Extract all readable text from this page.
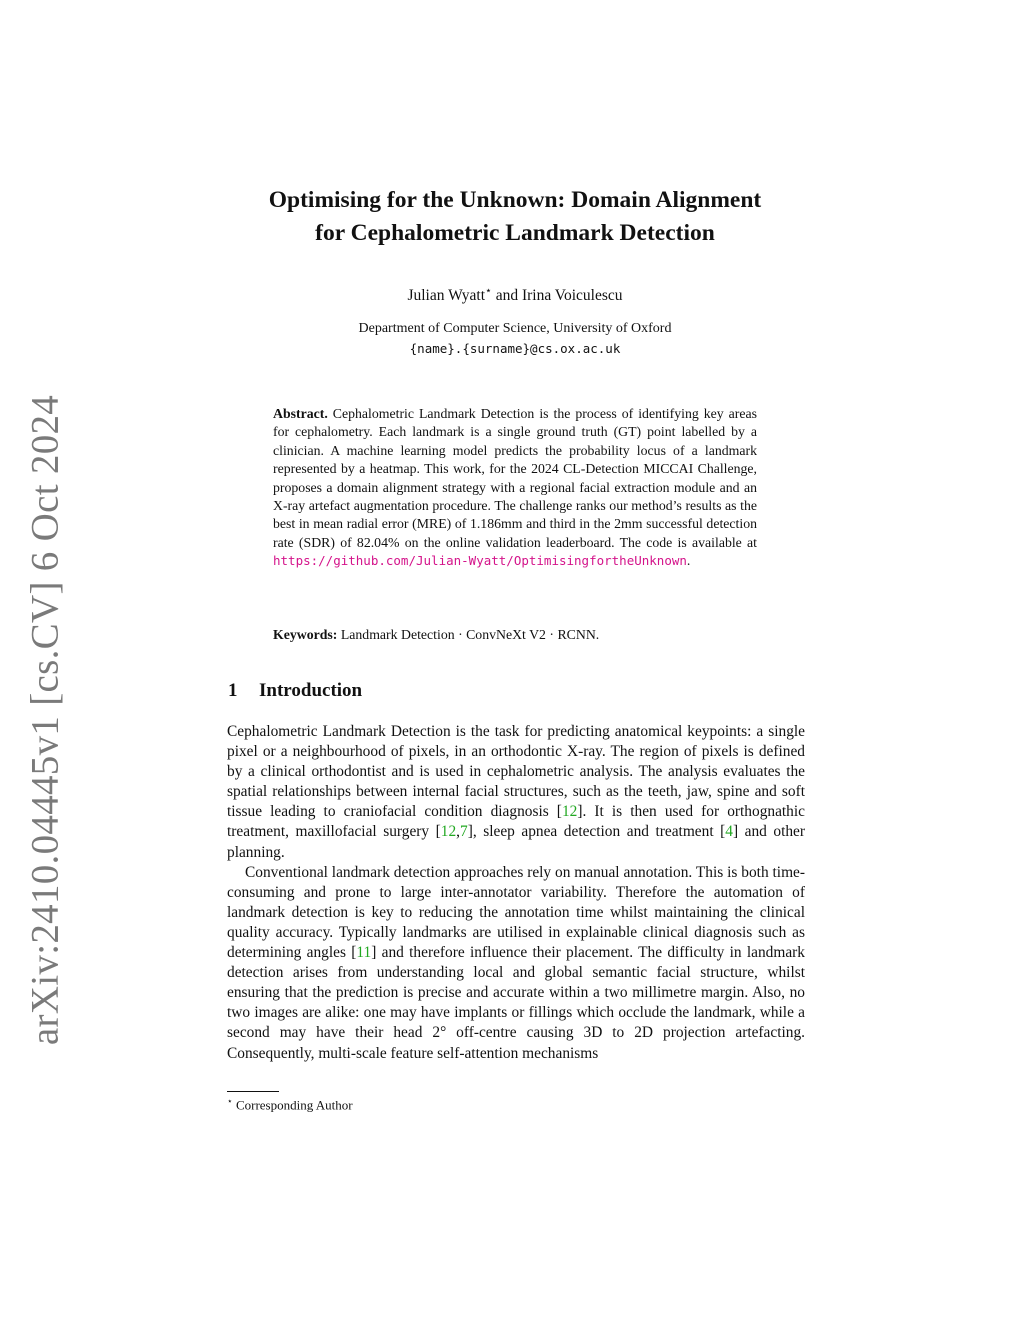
arXiv:2410.04445v1 [cs.CV] 6 Oct 2024
Optimising for the Unknown: Domain Alignment
for Cephalometric Landmark Detection
Julian Wyatt⋆ and Irina Voiculescu
Department of Computer Science, University of Oxford
{name}.{surname}@cs.ox.ac.uk
Abstract. Cephalometric Landmark Detection is the process of identifying key areas for cephalometry. Each landmark is a single ground truth (GT) point labelled by a clinician. A machine learning model predicts the probability locus of a landmark represented by a heatmap. This work, for the 2024 CL-Detection MICCAI Challenge, proposes a domain alignment strategy with a regional facial extraction module and an X-ray artefact augmentation procedure. The challenge ranks our method’s results as the best in mean radial error (MRE) of 1.186mm and third in the 2mm successful detection rate (SDR) of 82.04% on the online validation leaderboard. The code is available at https://github.com/Julian-Wyatt/OptimisingfortheUnknown.
Keywords: Landmark Detection · ConvNeXt V2 · RCNN.
1 Introduction

Cephalometric Landmark Detection is the task for predicting anatomical keypoints: a single pixel or a neighbourhood of pixels, in an orthodontic X-ray. The region of pixels is defined by a clinical orthodontist and is used in cephalometric analysis. The analysis evaluates the spatial relationships between internal facial structures, such as the teeth, jaw, spine and soft tissue leading to craniofacial condition diagnosis [12]. It is then used for orthognathic treatment, maxillofacial surgery [12,7], sleep apnea detection and treatment [4] and other planning.

Conventional landmark detection approaches rely on manual annotation. This is both time-consuming and prone to large inter-annotator variability. Therefore the automation of landmark detection is key to reducing the annotation time whilst maintaining the clinical quality accuracy. Typically landmarks are utilised in explainable clinical diagnosis such as determining angles [11] and therefore influence their placement. The difficulty in landmark detection arises from understanding local and global semantic facial structure, whilst ensuring that the prediction is precise and accurate within a two millimetre margin. Also, no two images are alike: one may have implants or fillings which occlude the landmark, while a second may have their head 2° off-centre causing 3D to 2D projection artefacting. Consequently, multi-scale feature self-attention mechanisms

⋆ Corresponding Author
